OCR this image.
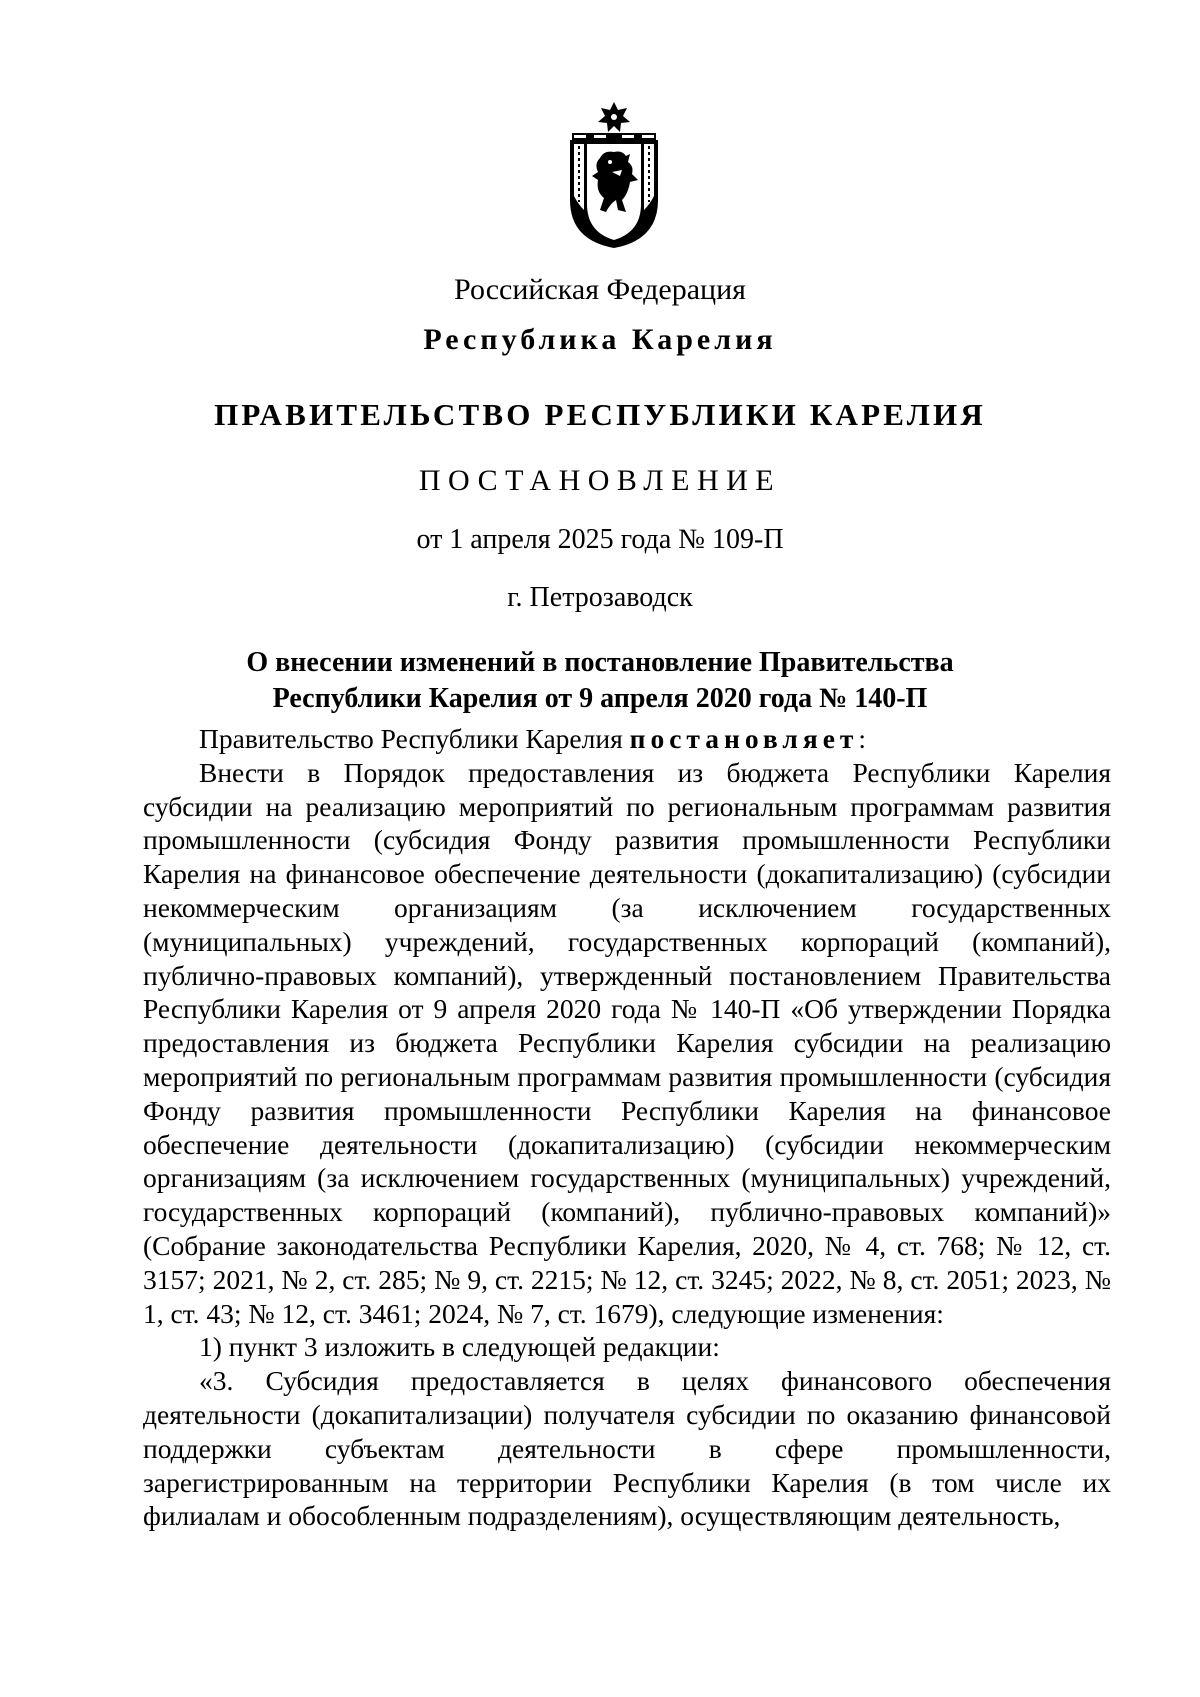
Российская Федерация
Республика Карелия
ПРАВИТЕЛЬСТВО РЕСПУБЛИКИ КАРЕЛИЯ
ПОСТАНОВЛЕНИЕ
от 1 апреля 2025 года № 109-П
г. Петрозаводск
О внесении изменений в постановление Правительства
Республики Карелия от 9 апреля 2020 года № 140-П

Правительство Республики Карелия постановляет:

Внести в Порядок предоставления из бюджета Республики Карелия субсидии на реализацию мероприятий по региональным программам развития промышленности (субсидия Фонду развития промышленности Республики Карелия на финансовое обеспечение деятельности (докапитализацию) (субсидии некоммерческим организациям (за исключением государственных (муниципальных) учреждений, государственных корпораций (компаний), публично-правовых компаний), утвержденный постановлением Правительства Республики Карелия от 9 апреля 2020 года № 140-П «Об утверждении Порядка предоставления из бюджета Республики Карелия субсидии на реализацию мероприятий по региональным программам развития промышленности (субсидия Фонду развития промышленности Республики Карелия на финансовое обеспечение деятельности (докапитализацию) (субсидии некоммерческим организациям (за исключением государственных (муниципальных) учреждений, государственных корпораций (компаний), публично-правовых компаний)» (Собрание законодательства Республики Карелия, 2020, № 4, ст. 768; № 12, ст. 3157; 2021, № 2, ст. 285; № 9, ст. 2215; № 12, ст. 3245; 2022, № 8, ст. 2051; 2023, № 1, ст. 43; № 12, ст. 3461; 2024, № 7, ст. 1679), следующие изменения:

1) пункт 3 изложить в следующей редакции:

«3. Субсидия предоставляется в целях финансового обеспечения деятельности (докапитализации) получателя субсидии по оказанию финансовой поддержки субъектам деятельности в сфере промышленности, зарегистрированным на территории Республики Карелия (в том числе их филиалам и обособленным подразделениям), осуществляющим деятельность,
